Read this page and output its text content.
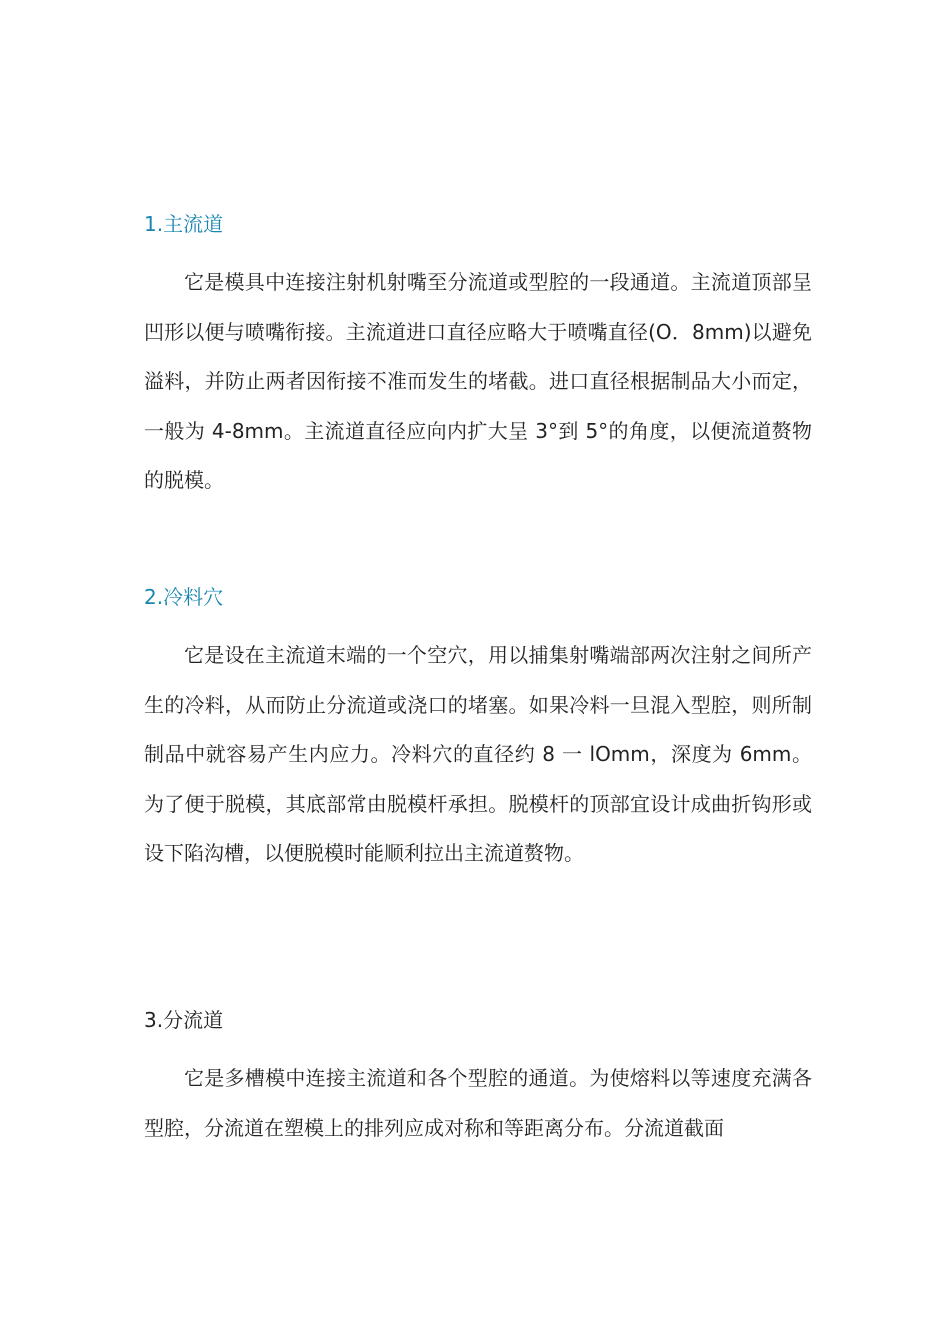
1.主流道

它是模具中连接注射机射嘴至分流道或型腔的一段通道。主流道顶部呈凹形以便与喷嘴衔接。主流道进口直径应略大于喷嘴直径(O．8mm)以避免溢料，并防止两者因衔接不准而发生的堵截。进口直径根据制品大小而定，一般为 4-8mm。主流道直径应向内扩大呈 3°到 5°的角度，以便流道赘物的脱模。

2.冷料穴

它是设在主流道末端的一个空穴，用以捕集射嘴端部两次注射之间所产生的冷料，从而防止分流道或浇口的堵塞。如果冷料一旦混入型腔，则所制制品中就容易产生内应力。冷料穴的直径约 8 一 lOmm，深度为 6mm。为了便于脱模，其底部常由脱模杆承担。脱模杆的顶部宜设计成曲折钩形或设下陷沟槽，以便脱模时能顺利拉出主流道赘物。

3.分流道

它是多槽模中连接主流道和各个型腔的通道。为使熔料以等速度充满各型腔，分流道在塑模上的排列应成对称和等距离分布。分流道截面
